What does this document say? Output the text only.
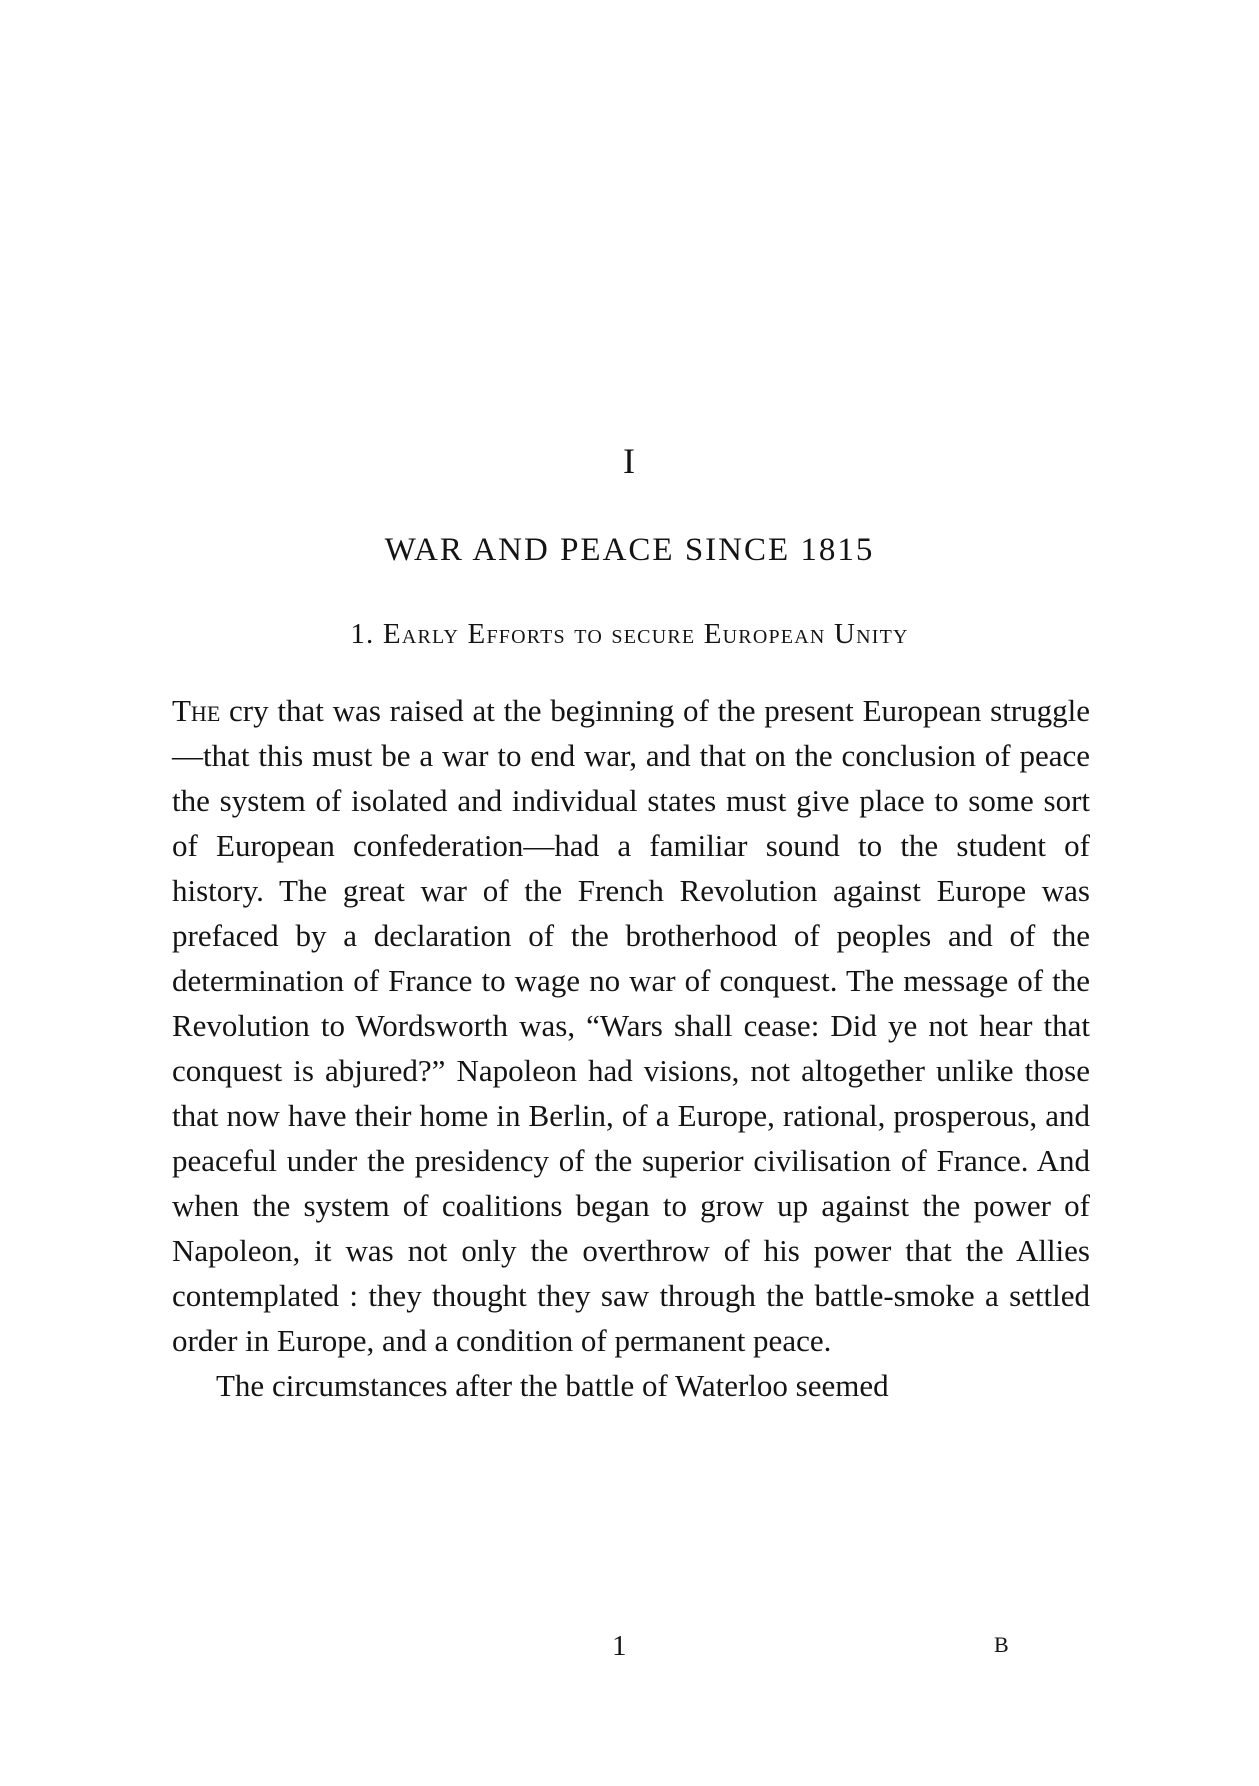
I
WAR AND PEACE SINCE 1815
1. Early Efforts to secure European Unity

The cry that was raised at the beginning of the present European struggle—that this must be a war to end war, and that on the conclusion of peace the system of isolated and individual states must give place to some sort of European confederation—had a familiar sound to the student of history. The great war of the French Revolution against Europe was prefaced by a declaration of the brotherhood of peoples and of the determination of France to wage no war of conquest. The message of the Revolution to Wordsworth was, “Wars shall cease: Did ye not hear that conquest is abjured?” Napoleon had visions, not altogether unlike those that now have their home in Berlin, of a Europe, rational, prosperous, and peaceful under the presidency of the superior civilisation of France. And when the system of coalitions began to grow up against the power of Napoleon, it was not only the overthrow of his power that the Allies contemplated : they thought they saw through the battle-smoke a settled order in Europe, and a condition of permanent peace.

The circumstances after the battle of Waterloo seemed

1	B
